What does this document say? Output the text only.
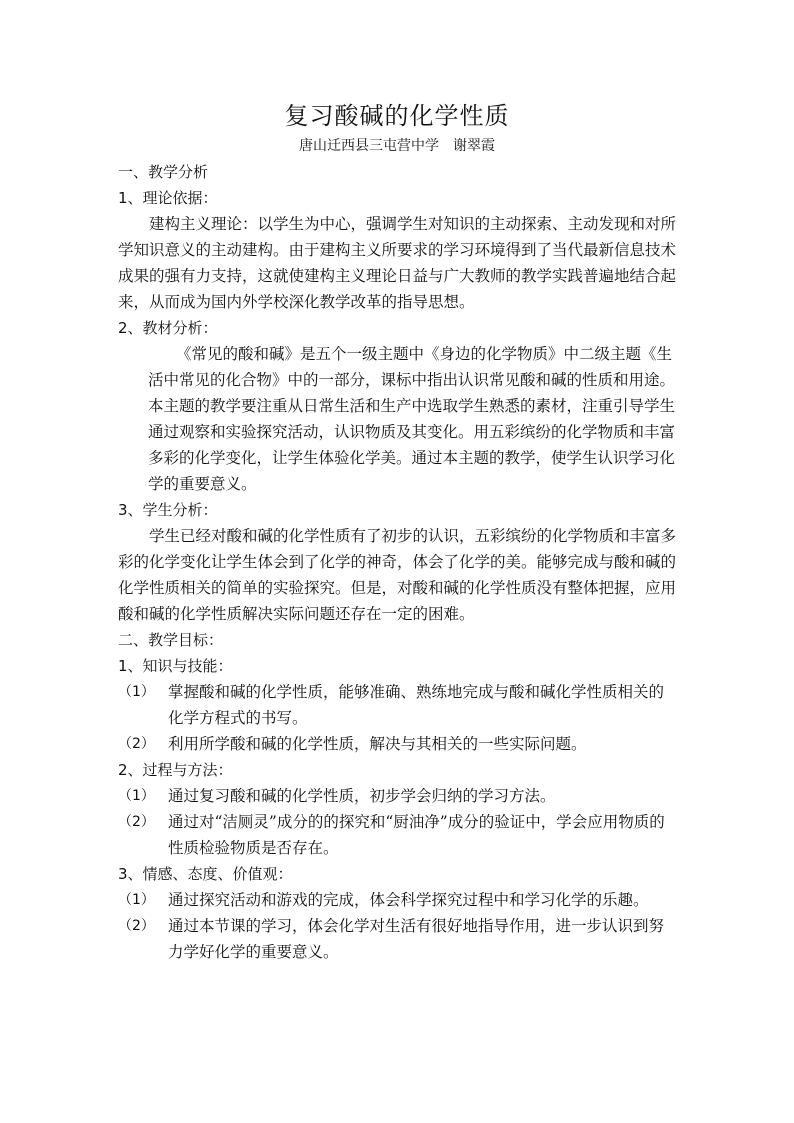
复习酸碱的化学性质
唐山迁西县三屯营中学 谢翠霞
一、教学分析
1、理论依据：
建构主义理论：以学生为中心，强调学生对知识的主动探索、主动发现和对所学知识意义的主动建构。由于建构主义所要求的学习环境得到了当代最新信息技术成果的强有力支持，这就使建构主义理论日益与广大教师的教学实践普遍地结合起来，从而成为国内外学校深化教学改革的指导思想。
2、教材分析：
《常见的酸和碱》是五个一级主题中《身边的化学物质》中二级主题《生活中常见的化合物》中的一部分，课标中指出认识常见酸和碱的性质和用途。本主题的教学要注重从日常生活和生产中选取学生熟悉的素材，注重引导学生通过观察和实验探究活动，认识物质及其变化。用五彩缤纷的化学物质和丰富多彩的化学变化，让学生体验化学美。通过本主题的教学，使学生认识学习化学的重要意义。
3、学生分析：
学生已经对酸和碱的化学性质有了初步的认识，五彩缤纷的化学物质和丰富多彩的化学变化让学生体会到了化学的神奇，体会了化学的美。能够完成与酸和碱的化学性质相关的简单的实验探究。但是，对酸和碱的化学性质没有整体把握，应用酸和碱的化学性质解决实际问题还存在一定的困难。
二、教学目标：
1、知识与技能：
（1） 掌握酸和碱的化学性质，能够准确、熟练地完成与酸和碱化学性质相关的化学方程式的书写。
（2） 利用所学酸和碱的化学性质，解决与其相关的一些实际问题。
2、过程与方法：
（1） 通过复习酸和碱的化学性质，初步学会归纳的学习方法。
（2） 通过对“洁厕灵”成分的的探究和“厨油净”成分的验证中，学会应用物质的性质检验物质是否存在。
3、情感、态度、价值观：
（1） 通过探究活动和游戏的完成，体会科学探究过程中和学习化学的乐趣。
（2） 通过本节课的学习，体会化学对生活有很好地指导作用，进一步认识到努力学好化学的重要意义。
